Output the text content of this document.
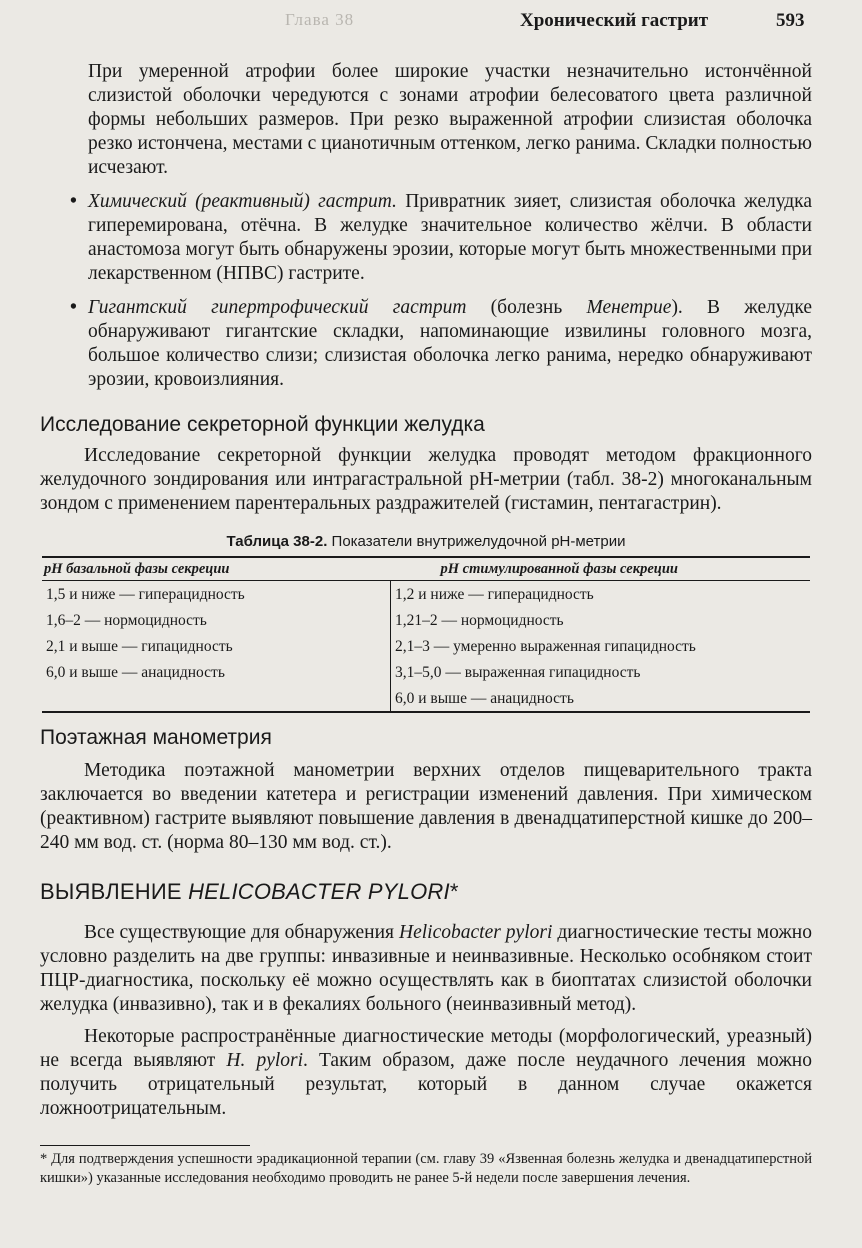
Глава 38	Хронический гастрит	593

При умеренной атрофии более широкие участки незначительно истончённой слизистой оболочки чередуются с зонами атрофии белесоватого цвета различной формы небольших размеров. При резко выраженной атрофии слизистая оболочка резко истончена, местами с цианотичным оттенком, легко ранима. Складки полностью исчезают.

• Химический (реактивный) гастрит. Привратник зияет, слизистая оболочка желудка гиперемирована, отёчна. В желудке значительное количество жёлчи. В области анастомоза могут быть обнаружены эрозии, которые могут быть множественными при лекарственном (НПВС) гастрите.
• Гигантский гипертрофический гастрит (болезнь Менетрие). В желудке обнаруживают гигантские складки, напоминающие извилины головного мозга, большое количество слизи; слизистая оболочка легко ранима, нередко обнаруживают эрозии, кровоизлияния.
Исследование секреторной функции желудка

Исследование секреторной функции желудка проводят методом фракционного желудочного зондирования или интрагастральной рН-метрии (табл. 38-2) многоканальным зондом с применением парентеральных раздражителей (гистамин, пентагастрин).

Таблица 38-2. Показатели внутрижелудочной рН-метрии
рН базальной фазы секреции	рН стимулированной фазы секреции
1,5 и ниже — гиперацидность	1,2 и ниже — гиперацидность
1,6–2 — нормоцидность	1,21–2 — нормоцидность
2,1 и выше — гипацидность	2,1–3 — умеренно выраженная гипацидность
6,0 и выше — анацидность	3,1–5,0 — выраженная гипацидность
	6,0 и выше — анацидность
Поэтажная манометрия

Методика поэтажной манометрии верхних отделов пищеварительного тракта заключается во введении катетера и регистрации изменений давления. При химическом (реактивном) гастрите выявляют повышение давления в двенадцатиперстной кишке до 200–240 мм вод. ст. (норма 80–130 мм вод. ст.).

ВЫЯВЛЕНИЕ HELICOBACTER PYLORI*

Все существующие для обнаружения Helicobacter pylori диагностические тесты можно условно разделить на две группы: инвазивные и неинвазивные. Несколько особняком стоит ПЦР-диагностика, поскольку её можно осуществлять как в биоптатах слизистой оболочки желудка (инвазивно), так и в фекалиях больного (неинвазивный метод).

Некоторые распространённые диагностические методы (морфологический, уреазный) не всегда выявляют H. pylori. Таким образом, даже после неудачного лечения можно получить отрицательный результат, который в данном случае окажется ложноотрицательным.

* Для подтверждения успешности эрадикационной терапии (см. главу 39 «Язвенная болезнь желудка и двенадцатиперстной кишки») указанные исследования необходимо проводить не ранее 5-й недели после завершения лечения.
